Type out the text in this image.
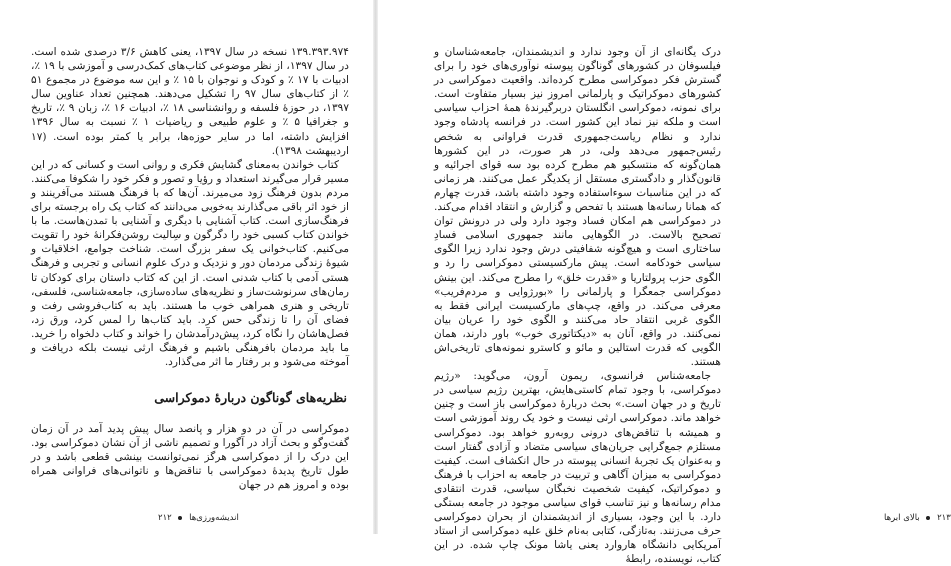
۱۳۹.۳۹۳.۹۷۴ نسخه در سال ۱۳۹۷، یعنی کاهش ۳/۶ درصدی شده است. در سال ۱۳۹۷، از نظر موضوعی کتاب‌های کمک‌درسی و آموزشی با ۱۹ ٪، ادبیات با ۱۷ ٪ و کودک و نوجوان با ۱۵ ٪ و این سه موضوع در مجموع ۵۱ ٪ از کتاب‌های سال ۹۷ را تشکیل می‌دهند. همچنین تعداد عناوین سال ۱۳۹۷، در حوزهٔ فلسفه و روانشناسی ۱۸ ٪، ادبیات ۱۶ ٪، زبان ۹ ٪، تاریخ و جغرافیا ۵ ٪ و علوم طبیعی و ریاضیات ۱ ٪ نسبت به سال ۱۳۹۶ افزایش داشته، اما در سایر حوزه‌ها، برابر یا کمتر بوده است. (۱۷ اردیبهشت ۱۳۹۸).

کتاب خواندن به‌معنای گشایش فکری و روانی است و کسانی که در این مسیر قرار می‌گیرند استعداد و رؤیا و تصور و فکر خود را شکوفا می‌کنند. مردم بدون فرهنگ زود می‌میرند. آن‌ها که با فرهنگ هستند می‌آفرینند و از خود اثر باقی می‌گذارند به‌خوبی می‌دانند که کتاب یک راه برجسته برای فرهنگ‌سازی است. کتاب آشنایی با دیگری و آشنایی با تمدن‌هاست. ما با خواندن کتاب کسبی خود را دگرگون و سِالیت روشن‌فکرانهٔ خود را تقویت می‌کنیم. کتاب‌خوانی یک سفر بزرگ است. شناخت جوامع، اخلاقیات و شیوهٔ زندگی مردمان دور و نزدیک و درک علوم انسانی و تجربی و فرهنگ هستی آدمی با کتاب شدنی است. از این که کتاب داستان برای کودکان تا رمان‌های سرنوشت‌ساز و نظریه‌های ساده‌سازی، جامعه‌شناسی، فلسفی، تاریخی و هنری همراهی خوب ما هستند. باید به کتاب‌فروشی رفت و فضای آن را تا زندگی حس کرد. باید کتاب‌ها را لمس کرد، ورق زد، فصل‌هاشان را نگاه کرد، پیش‌درآمدشان را خواند و کتاب دلخواه را خرید. ما باید مردمان بافرهنگی باشیم و فرهنگ ارثی نیست بلکه دریافت و آموخته می‌شود و بر رفتار ما اثر می‌گذارد.

نظریه‌های گوناگون دربارهٔ دموکراسی

دموکراسی در آن در دو هزار و پانصد سال پیش پدید آمد در آن زمان گفت‌وگو و بحث آزاد در آگورا و تصمیم ناشی از آن نشان دموکراسی بود. این درک را از دموکراسی هرگز نمی‌توانست بینشی قطعی باشد و در طول تاریخ پدیدهٔ دموکراسی با تناقض‌ها و ناتوانی‌های فراوانی همراه بوده و امروز هم در جهان

اندیشه‌ورزی‌ها  ۲۱۲

درک یگانه‌ای از آن وجود ندارد و اندیشمندان، جامعه‌شناسان و فیلسوفان در کشورهای گوناگون پیوسته نوآوری‌های خود را برای گسترش فکر دموکراسی مطرح کرده‌اند. واقعیت دموکراسی در کشورهای دموکراتیک و پارلمانی امروز نیز بسیار متفاوت است. برای نمونه، دموکراسی انگلستان دربرگیرندهٔ همهٔ احزاب سیاسی است و ملکه نیز نماد این کشور است. در فرانسه پادشاه وجود ندارد و نظام ریاست‌جمهوری قدرت فراوانی به شخص رئیس‌جمهور می‌دهد ولی، در هر صورت، در این کشورها همان‌گونه که منتسکیو هم مطرح کرده بود سه قوای اجرائیه و قانون‌گذار و دادگستری مستقل از یکدیگر عمل می‌کنند. هر زمانی که در این مناسبات سوءاستفاده وجود داشته باشد، قدرت چهارم که همانا رسانه‌ها هستند با تفحص و گزارش و انتقاد اقدام می‌کند. در دموکراسی هم امکان فساد وجود دارد ولی در درونش توان تصحیح بالاست. در الگوهایی مانند جمهوری اسلامی فسادِ ساختاری است و هیچ‌گونه شفافیتی درش وجود ندارد زیرا الگوی سیاسی خودکامه است. پیش‌ مارکسیستی دموکراسی را رد و الگوی حزب پرولتاریا و «قدرت خلق» را مطرح می‌کند. این بینش دموکراسی جمعگرا و پارلمانی را «بورژوایی و مردم‌فریب» معرفی می‌کند. در واقع، چپ‌های مارکسیست ایرانی فقط به الگوی غربی انتقاد حاد می‌کنند و الگوی خود را عریان بیان نمی‌کنند. در واقع، آنان به «دیکتاتوری خوب» باور دارند، همان الگویی که قدرت استالین و مائو و کاسترو نمونه‌های تاریخی‌اش هستند.

جامعه‌شناس فرانسوی، ریمون آرون، می‌گوید: «رژیم دموکراسی، با وجود تمام کاستی‌هایش، بهترین رژیم سیاسی در تاریخ و در جهان است.» بحث دربارهٔ دموکراسی باز است و چنین خواهد ماند. دموکراسی ارثی نیست و خود یک روند آموزشی است و همیشه با تناقض‌های درونی روبه‌رو خواهد بود. دموکراسی مستلزم جمع‌گرایی جریان‌های سیاسی متضاد و آزادی گفتار است و به‌عنوان یک تجربهٔ انسانی پیوسته در حال انکشاف است. کیفیت دموکراسی به میزان آگاهی و تربیت در جامعه به احزاب با فرهنگ و دموکراتیک، کیفیت شخصیت نخبگان سیاسی، قدرت انتقادی مدام رسانه‌ها و نیز تناسب قوای سیاسی موجود در جامعه بستگی دارد. با این وجود، بسیاری از اندیشمندان از بحران دموکراسی حرف می‌زنند. به‌تازگی، کتابی به‌نام خلق علیه دموکراسی از استاد آمریکایی دانشگاه هاروارد یعنی یاشا مونک چاپ شده. در این کتاب، نویسنده، رابطهٔ

۲۱۳  بالای ابرها
